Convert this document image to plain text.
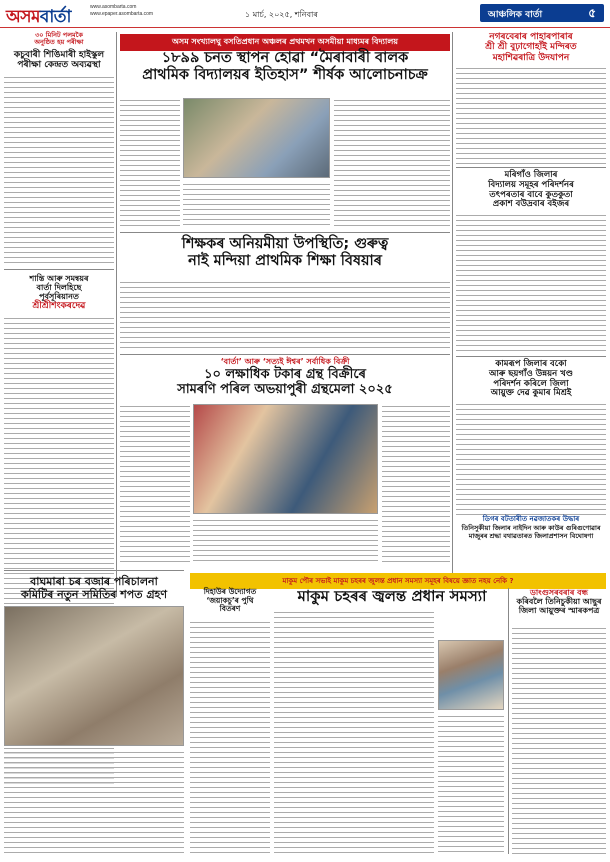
অসমবাৰ্তা	www.asombarta.com
www.epaper.asombarta.com	১ মাৰ্চ, ২০২৫, শনিবাৰ	আঞ্চলিক বাৰ্তা	৫
৩০ মিনিট পলমকৈ
অনুষ্ঠিত হয় পৰীক্ষা
কচুবাৰী শিঙিমাৰী হাইস্কুল পৰীক্ষা কেন্দ্ৰত অব্যৱস্থা
শান্তি আৰু সমন্বয়ৰ
বাৰ্তা দিলহিছে
পূৰ্বসূৰিয়ানত
শ্ৰীশ্ৰীশংকৰদেৱ
অসম সংখ্যালঘু বসতিপ্ৰধান অঞ্চলৰ প্ৰথমখন অসমীয়া মাধ্যমৰ বিদ্যালয়
১৮৯৯ চনত স্থাপন হোৱা “মৈৰাবাৰী বালক
প্ৰাথমিক বিদ্যালয়ৰ ইতিহাস” শীৰ্ষক আলোচনাচক্ৰ
শিক্ষকৰ অনিয়মীয়া উপস্থিতি; গুৰুত্ব
নাই মন্দিয়া প্ৰাথমিক শিক্ষা বিষয়াৰ
‘বাৰ্তা’ আৰু ‘সত্যই ঈশ্বৰ’ সৰ্বাধিক বিক্ৰী
১০ লক্ষাধিক টকাৰ গ্ৰন্থ বিক্ৰীৰে
সামৰণি পৰিল অভয়াপুৰী গ্ৰন্থমেলা ২০২৫
নগৰবেৰাৰ পাহাৰপাৰাৰ
শ্ৰী শ্ৰী বুঢ়াগোহাঁই মন্দিৰত
মহাশিৱৰাত্ৰি উদযাপন
মৰিগাঁও জিলাৰ
বিদ্যালয় সমূহৰ পৰিদৰ্শনৰ
তৎপৰতাৰ বাবে কুতকুতা
প্ৰকাশ বউদ্ৰবাৰ বইজৰ
কামৰূপ জিলাৰ বকো
আৰু ছয়গাঁও উন্নয়ন খণ্ড
পৰিদৰ্শন কৰিলে জিলা
আয়ুক্ত দেৱ কুমাৰ মিশ্ৰই
মাকুম পৌৰ সভাই মাকুম চহৰৰ জুলন্ত প্ৰধান সমস্যা সমূহৰ বিষয়ে জ্ঞাত নহয় নেকি ?
বাঘমাৰা চৰ বজাৰ পৰিচালনা
কমিটিৰ নতুন সমিতিৰ শপত গ্ৰহণ	দিহাউৰ উদ্যোগত
‘জয়াকচু’ৰ পুথি
বিতৰণ
মাকুম চহৰৰ জ্বলন্ত প্ৰধান সমস্যা	ডাংগুসৰবৰাৰ বন্ধ
কৰিবলৈ তিনিচুকীয়া আছুৰ
জিলা আয়ুক্তৰ স্মাৰকপত্ৰ
ডিগৰ বটতাৰীত নৱজাতকৰ উদ্ধাৰ
তিনিসুকীয়া জিলাৰ নাইদিন আৰু কাউৰ গুৰিগুণোৱাৰ মাজুৰৰ শ্ৰদ্ধা বথাৱতাৰত জিলাপ্ৰশাসন বিঘোষণা
